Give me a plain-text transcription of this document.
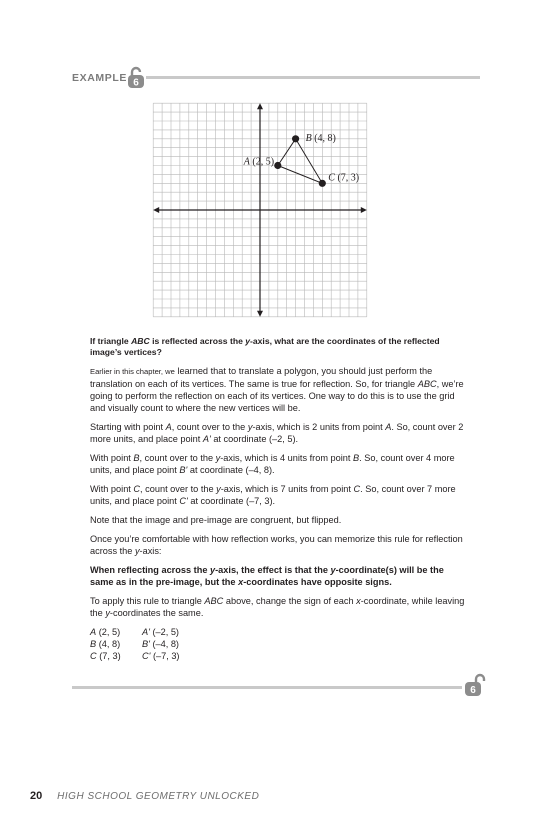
EXAMPLE 6
A (2, 5)
B (4, 8)
C (7, 3)

If triangle ABC is reflected across the y-axis, what are the coordinates of the reflected image’s vertices?

Earlier in this chapter, we learned that to translate a polygon, you should just perform the translation on each of its vertices. The same is true for reflection. So, for triangle ABC, we’re going to perform the reflection on each of its vertices. One way to do this is to use the grid and visually count to where the new vertices will be.

Starting with point A, count over to the y-axis, which is 2 units from point A. So, count over 2 more units, and place point A' at coordinate (–2, 5).

With point B, count over to the y-axis, which is 4 units from point B. So, count over 4 more units, and place point B' at coordinate (–4, 8).

With point C, count over to the y-axis, which is 7 units from point C. So, count over 7 more units, and place point C' at coordinate (–7, 3).

Note that the image and pre-image are congruent, but flipped.

Once you’re comfortable with how reflection works, you can memorize this rule for reflection across the y-axis:

When reflecting across the y-axis, the effect is that the y-coordinate(s) will be the same as in the pre-image, but the x-coordinates have opposite signs.

To apply this rule to triangle ABC above, change the sign of each x-coordinate, while leaving the y-coordinates the same.

A (2, 5)	A' (–2, 5)
B (4, 8)	B' (–4, 8)
C (7, 3)	C' (–7, 3)
6
20 HIGH SCHOOL GEOMETRY UNLOCKED
